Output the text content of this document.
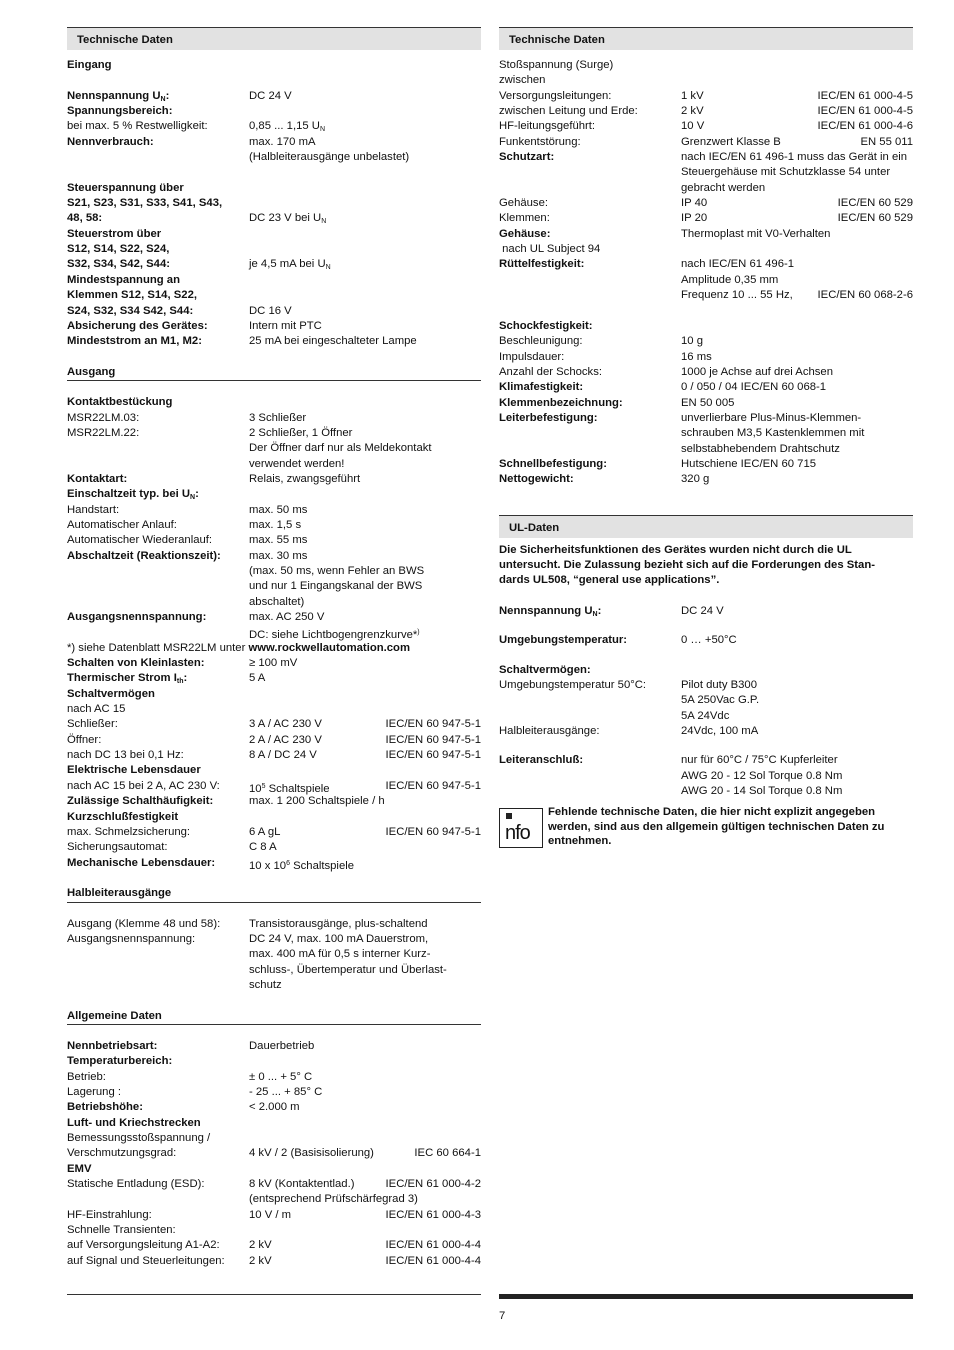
Technische Daten
Eingang
Nennspannung $U_N$:	DC 24 V
Spannungsbereich:
bei max. 5 % Restwelligkeit:	0,85 ... 1,15 $U_N$
Nennverbrauch:	max. 170 mA
(Halbleiterausgänge unbelastet)
Steuerspannung über
S21, S23, S31, S33, S41, S43,
48, 58:	DC 23 V bei $U_N$
Steuerstrom über
S12, S14, S22, S24,
S32, S34, S42, S44:	je 4,5 mA bei $U_N$
Mindestspannung an
Klemmen S12, S14, S22,
S24, S32, S34 S42, S44:	DC 16 V
Absicherung des Gerätes:	Intern mit PTC
Mindeststrom an M1, M2:	25 mA bei eingeschalteter Lampe
Ausgang
Kontaktbestückung
MSR22LM.03:	3 Schließer
MSR22LM.22:	2 Schließer, 1 Öffner
Der Öffner darf nur als Meldekontakt
verwendet werden!
Kontaktart:	Relais, zwangsgeführt
Einschaltzeit typ. bei $U_N$:
Handstart:	max. 50 ms
Automatischer Anlauf:	max. 1,5 s
Automatischer Wiederanlauf:	max. 55 ms
Abschaltzeit (Reaktionszeit): max. 30 ms
(max. 50 ms, wenn Fehler an BWS
und nur 1 Eingangskanal der BWS
abschaltet)
Ausgangsnennspannung:	max. AC 250 V
DC: siehe Lichtbogengrenzkurve*)
*) siehe Datenblatt MSR22LM unter www.rockwellautomation.com
Schalten von Kleinlasten:	≥ 100 mV
Thermischer Strom $I_{th}$:	5 A
Schaltvermögen
nach AC 15
Schließer:	3 A / AC 230 V	IEC/EN 60 947-5-1
Öffner:	2 A / AC 230 V	IEC/EN 60 947-5-1
nach DC 13 bei 0,1 Hz:	8 A / DC 24 V	IEC/EN 60 947-5-1
Elektrische Lebensdauer
nach AC 15 bei 2 A, AC 230 V:	$10^5$ Schaltspiele	IEC/EN 60 947-5-1
Zulässige Schalthäufigkeit:	max. 1 200 Schaltspiele / h
Kurzschlußfestigkeit
max. Schmelzsicherung:	6 A gL	IEC/EN 60 947-5-1
Sicherungsautomat:	C 8 A
Mechanische Lebensdauer:	10 x $10^6$ Schaltspiele
Halbleiterausgänge
Ausgang (Klemme 48 und 58):	Transistorausgänge, plus-schaltend
Ausgangsnennspannung:	DC 24 V, max. 100 mA Dauerstrom,
max. 400 mA für 0,5 s interner Kurz-
schluss-, Übertemperatur und Überlast-
schutz
Allgemeine Daten
Nennbetriebsart:	Dauerbetrieb
Temperaturbereich:
Betrieb:	± 0 ... + 5° C
Lagerung :	- 25 ... + 85° C
Betriebshöhe:	< 2.000 m
Luft- und Kriechstrecken
Bemessungsstoßspannung /
Verschmutzungsgrad:	4 kV / 2 (Basisisolierung)	IEC 60 664-1
EMV
Statische Entladung (ESD):	8 kV (Kontaktentlad.)	IEC/EN 61 000-4-2
(entsprechend Prüfschärfegrad 3)
HF-Einstrahlung:	10 V / m	IEC/EN 61 000-4-3
Schnelle Transienten:
auf Versorgungsleitung A1-A2:	2 kV	IEC/EN 61 000-4-4
auf Signal und Steuerleitungen: 2 kV	IEC/EN 61 000-4-4
Technische Daten
Stoßspannung (Surge)
zwischen
Versorgungsleitungen:	1 kV	IEC/EN 61 000-4-5
zwischen Leitung und Erde:	2 kV	IEC/EN 61 000-4-5
HF-leitungsgeführt:	10 V	IEC/EN 61 000-4-6
Funkentstörung:	Grenzwert Klasse B	EN 55 011
Schutzart:	nach IEC/EN 61 496-1 muss das Gerät in ein
Steuergehäuse mit Schutzklasse 54 unter
gebracht werden
Gehäuse:	IP 40	IEC/EN 60 529
Klemmen:	IP 20	IEC/EN 60 529
Gehäuse:	Thermoplast mit V0-Verhalten
nach UL Subject 94
Rüttelfestigkeit:	nach IEC/EN 61 496-1
Amplitude 0,35 mm
Frequenz 10 ... 55 Hz, IEC/EN 60 068-2-6
Schockfestigkeit:
Beschleunigung:	10 g
Impulsdauer:	16 ms
Anzahl der Schocks:	1000 je Achse auf drei Achsen
Klimafestigkeit:	0 / 050 / 04 IEC/EN 60 068-1
Klemmenbezeichnung:	EN 50 005
Leiterbefestigung:	unverlierbare Plus-Minus-Klemmen-
schrauben M3,5 Kastenklemmen mit
selbstabhebendem Drahtschutz
Schnellbefestigung:	Hutschiene IEC/EN 60 715
Nettogewicht:	320 g
UL-Daten
Die Sicherheitsfunktionen des Gerätes wurden nicht durch die UL
untersucht. Die Zulassung bezieht sich auf die Forderungen des Stan-
dards UL508, “general use applications”.
Nennspannung $U_N$:	DC 24 V
Umgebungstemperatur:	0 … +50°C
Schaltvermögen:
Umgebungstemperatur 50°C:	Pilot duty B300
5A 250Vac G.P.
5A 24Vdc
Halbleiterausgänge:	24Vdc, 100 mA
Leiteranschluß:	nur für 60°C / 75°C Kupferleiter
AWG 20 - 12 Sol Torque 0.8 Nm
AWG 20 - 14 Sol Torque 0.8 Nm
nfo
Fehlende technische Daten, die hier nicht explizit angegeben werden, sind aus den allgemein gültigen technischen Daten zu entnehmen.
7
